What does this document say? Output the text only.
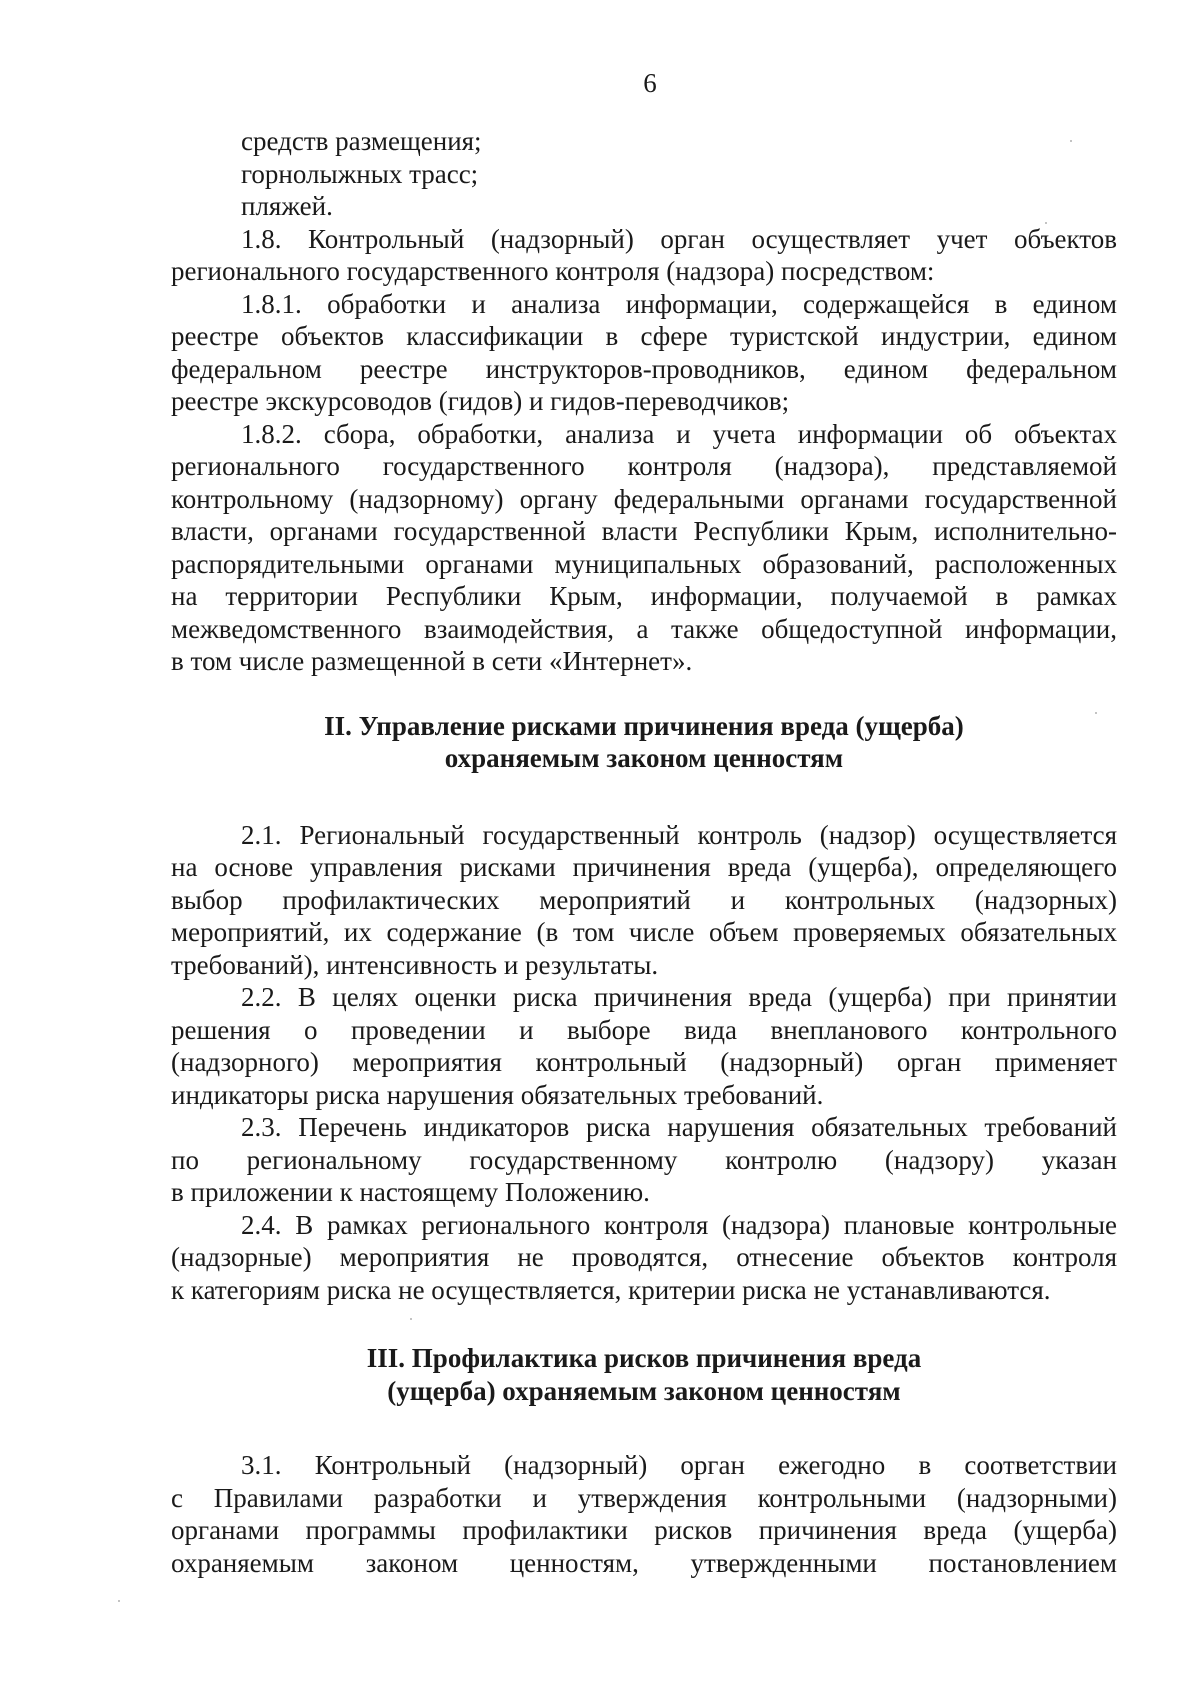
6
средств размещения;
горнолыжных трасс;
пляжей.
1.8. Контрольный (надзорный) орган осуществляет учет объектов
регионального государственного контроля (надзора) посредством:
1.8.1. обработки и анализа информации, содержащейся в едином
реестре объектов классификации в сфере туристской индустрии, едином
федеральном реестре инструкторов-проводников, едином федеральном
реестре экскурсоводов (гидов) и гидов-переводчиков;
1.8.2. сбора, обработки, анализа и учета информации об объектах
регионального государственного контроля (надзора), представляемой
контрольному (надзорному) органу федеральными органами государственной
власти, органами государственной власти Республики Крым, исполнительно-
распорядительными органами муниципальных образований, расположенных
на территории Республики Крым, информации, получаемой в рамках
межведомственного взаимодействия, а также общедоступной информации,
в том числе размещенной в сети «Интернет».
II. Управление рисками причинения вреда (ущерба)
охраняемым законом ценностям
2.1. Региональный государственный контроль (надзор) осуществляется
на основе управления рисками причинения вреда (ущерба), определяющего
выбор профилактических мероприятий и контрольных (надзорных)
мероприятий, их содержание (в том числе объем проверяемых обязательных
требований), интенсивность и результаты.
2.2. В целях оценки риска причинения вреда (ущерба) при принятии
решения о проведении и выборе вида внепланового контрольного
(надзорного) мероприятия контрольный (надзорный) орган применяет
индикаторы риска нарушения обязательных требований.
2.3. Перечень индикаторов риска нарушения обязательных требований
по региональному государственному контролю (надзору) указан
в приложении к настоящему Положению.
2.4. В рамках регионального контроля (надзора) плановые контрольные
(надзорные) мероприятия не проводятся, отнесение объектов контроля
к категориям риска не осуществляется, критерии риска не устанавливаются.
III. Профилактика рисков причинения вреда
(ущерба) охраняемым законом ценностям
3.1. Контрольный (надзорный) орган ежегодно в соответствии
с Правилами разработки и утверждения контрольными (надзорными)
органами программы профилактики рисков причинения вреда (ущерба)
охраняемым законом ценностям, утвержденными постановлением
